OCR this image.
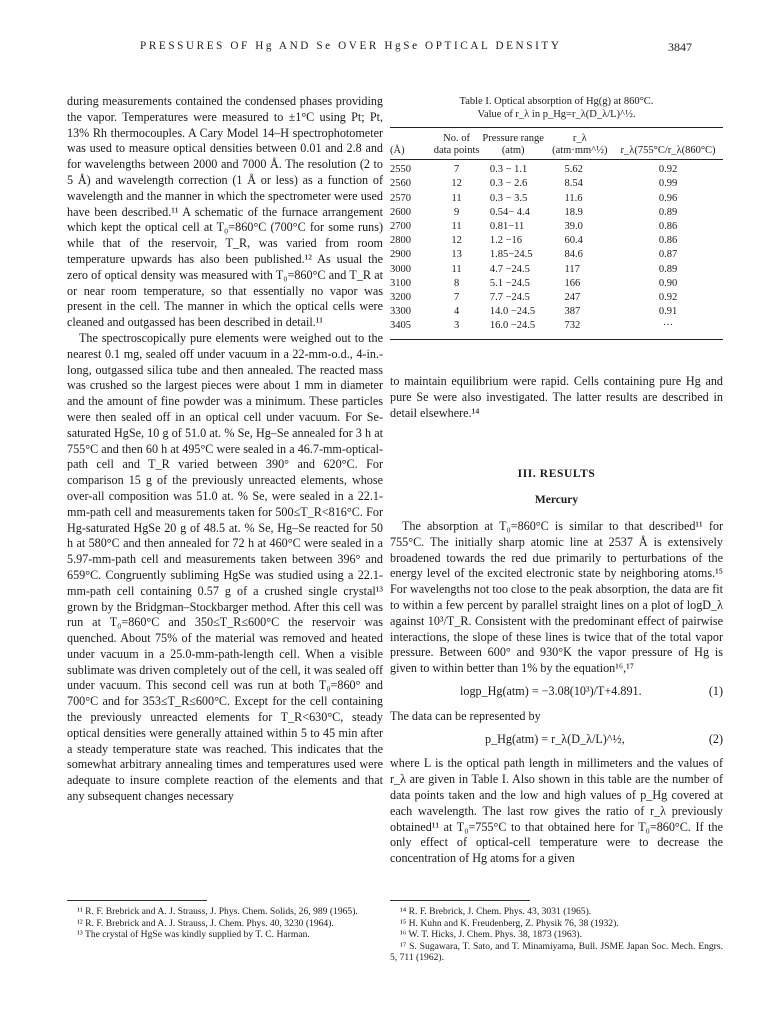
PRESSURES OF Hg AND Se OVER HgSe OPTICAL DENSITY	3847

during measurements contained the condensed phases providing the vapor. Temperatures were measured to ±1°C using Pt; Pt, 13% Rh thermocouples. A Cary Model 14–H spectrophotometer was used to measure optical densities between 0.01 and 2.8 and for wavelengths between 2000 and 7000 Å. The resolution (2 to 5 Å) and wavelength correction (1 Å or less) as a function of wavelength and the manner in which the spectrometer were used have been described.¹¹ A schematic of the furnace arrangement which kept the optical cell at T₀=860°C (700°C for some runs) while that of the reservoir, T_R, was varied from room temperature upwards has also been published.¹² As usual the zero of optical density was measured with T₀=860°C and T_R at or near room temperature, so that essentially no vapor was present in the cell. The manner in which the optical cells were cleaned and outgassed has been described in detail.¹¹

The spectroscopically pure elements were weighed out to the nearest 0.1 mg, sealed off under vacuum in a 22-mm-o.d., 4-in.-long, outgassed silica tube and then annealed. The reacted mass was crushed so the largest pieces were about 1 mm in diameter and the amount of fine powder was a minimum. These particles were then sealed off in an optical cell under vacuum. For Se-saturated HgSe, 10 g of 51.0 at. % Se, Hg–Se annealed for 3 h at 755°C and then 60 h at 495°C were sealed in a 46.7-mm-optical-path cell and T_R varied between 390° and 620°C. For comparison 15 g of the previously unreacted elements, whose over-all composition was 51.0 at. % Se, were sealed in a 22.1-mm-path cell and measurements taken for 500≤T_R<816°C. For Hg-saturated HgSe 20 g of 48.5 at. % Se, Hg–Se reacted for 50 h at 580°C and then annealed for 72 h at 460°C were sealed in a 5.97-mm-path cell and measurements taken between 396° and 659°C. Congruently subliming HgSe was studied using a 22.1-mm-path cell containing 0.57 g of a crushed single crystal¹³ grown by the Bridgman–Stockbarger method. After this cell was run at T₀=860°C and 350≤T_R≤600°C the reservoir was quenched. About 75% of the material was removed and heated under vacuum in a 25.0-mm-path-length cell. When a visible sublimate was driven completely out of the cell, it was sealed off under vacuum. This second cell was run at both T₀=860° and 700°C and for 353≤T_R≤600°C. Except for the cell containing the previously unreacted elements for T_R<630°C, steady optical densities were generally attained within 5 to 45 min after a steady temperature state was reached. This indicates that the somewhat arbitrary annealing times and temperatures used were adequate to insure complete reaction of the elements and that any subsequent changes necessary

Table I. Optical absorption of Hg(g) at 860°C.
Value of r_λ in p_Hg=r_λ(D_λ/L)^½.
(Å)	No. of data points	Pressure range (atm)	r_λ (atm·mm^½)	r_λ(755°C/r_λ(860°C)
2550	7	0.3 − 1.1	5.62	0.92
2560	12	0.3 − 2.6	8.54	0.99
2570	11	0.3 − 3.5	11.6	0.96
2600	9	0.54− 4.4	18.9	0.89
2700	11	0.81−11	39.0	0.86
2800	12	1.2 −16	60.4	0.86
2900	13	1.85−24.5	84.6	0.87
3000	11	4.7 −24.5	117	0.89
3100	8	5.1 −24.5	166	0.90
3200	7	7.7 −24.5	247	0.92
3300	4	14.0 −24.5	387	0.91
3405	3	16.0 −24.5	732	···

to maintain equilibrium were rapid. Cells containing pure Hg and pure Se were also investigated. The latter results are described in detail elsewhere.¹⁴

III. RESULTS
Mercury

The absorption at T₀=860°C is similar to that described¹¹ for 755°C. The initially sharp atomic line at 2537 Å is extensively broadened towards the red due primarily to perturbations of the energy level of the excited electronic state by neighboring atoms.¹⁵ For wavelengths not too close to the peak absorption, the data are fit to within a few percent by parallel straight lines on a plot of logD_λ against 10³/T_R. Consistent with the predominant effect of pairwise interactions, the slope of these lines is twice that of the total vapor pressure. Between 600° and 930°K the vapor pressure of Hg is given to within better than 1% by the equation¹⁶,¹⁷

logp_Hg(atm) = −3.08(10³)/T+4.891.	(1)

The data can be represented by

p_Hg(atm) = r_λ(D_λ/L)^½,	(2)

where L is the optical path length in millimeters and the values of r_λ are given in Table I. Also shown in this table are the number of data points taken and the low and high values of p_Hg covered at each wavelength. The last row gives the ratio of r_λ previously obtained¹¹ at T₀=755°C to that obtained here for T₀=860°C. If the only effect of optical-cell temperature were to decrease the concentration of Hg atoms for a given

¹¹ R. F. Brebrick and A. J. Strauss, J. Phys. Chem. Solids, 26, 989 (1965).
¹² R. F. Brebrick and A. J. Strauss, J. Chem. Phys. 40, 3230 (1964).
¹³ The crystal of HgSe was kindly supplied by T. C. Harman.
¹⁴ R. F. Brebrick, J. Chem. Phys. 43, 3031 (1965).
¹⁵ H. Kuhn and K. Freudenberg, Z. Physik 76, 38 (1932).
¹⁶ W. T. Hicks, J. Chem. Phys. 38, 1873 (1963).
¹⁷ S. Sugawara, T. Sato, and T. Minamiyama, Bull. JSME Japan Soc. Mech. Engrs. 5, 711 (1962).
